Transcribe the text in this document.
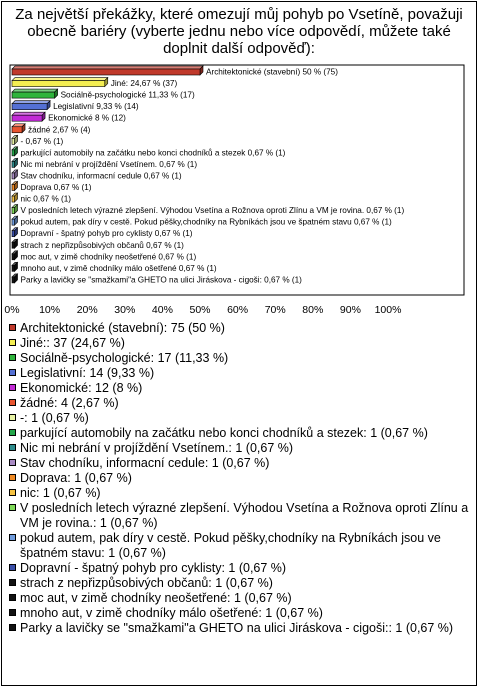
Za největší překážky, které omezují můj pohyb po Vsetíně, považuji obecně bariéry (vyberte jednu nebo více odpovědí, můžete také doplnit další odpověď):
Architektonické (stavební) 50 % (75)
Jiné: 24,67 % (37)
Sociálně-psychologické 11,33 % (17)
Legislativní 9,33 % (14)
Ekonomické 8 % (12)
žádné 2,67 % (4)
- 0,67 % (1)
parkující automobily na začátku nebo konci chodníků a stezek 0,67 % (1)
Nic mi nebrání v projíždění Vsetínem. 0,67 % (1)
Stav chodníku, informacní cedule 0,67 % (1)
Doprava 0,67 % (1)
nic 0,67 % (1)
V posledních letech výrazné zlepšení. Výhodou Vsetína a Rožnova oproti Zlínu a VM je rovina. 0,67 % (1)
pokud autem, pak díry v cestě. Pokud pěšky,chodníky na Rybníkách jsou ve špatném stavu 0,67 % (1)
Dopravní - špatný pohyb pro cyklisty 0,67 % (1)
strach z nepřizpůsobivých občanů 0,67 % (1)
moc aut, v zimě chodníky neošetřené 0,67 % (1)
mnoho aut, v zimě chodníky málo ošetřené 0,67 % (1)
Parky a lavičky se "smažkami"a GHETO na ulici Jiráskova - cigoši: 0,67 % (1)
0% 10% 20% 30% 40% 50% 60% 70% 80% 90% 100%
Architektonické (stavební): 75 (50 %)
Jiné:: 37 (24,67 %)
Sociálně-psychologické: 17 (11,33 %)
Legislativní: 14 (9,33 %)
Ekonomické: 12 (8 %)
žádné: 4 (2,67 %)
-: 1 (0,67 %)
parkující automobily na začátku nebo konci chodníků a stezek: 1 (0,67 %)
Nic mi nebrání v projíždění Vsetínem.: 1 (0,67 %)
Stav chodníku, informacní cedule: 1 (0,67 %)
Doprava: 1 (0,67 %)
nic: 1 (0,67 %)
V posledních letech výrazné zlepšení. Výhodou Vsetína a Rožnova oproti Zlínu a VM je rovina.: 1 (0,67 %)
pokud autem, pak díry v cestě. Pokud pěšky,chodníky na Rybníkách jsou ve špatném stavu: 1 (0,67 %)
Dopravní - špatný pohyb pro cyklisty: 1 (0,67 %)
strach z nepřizpůsobivých občanů: 1 (0,67 %)
moc aut, v zimě chodníky neošetřené: 1 (0,67 %)
mnoho aut, v zimě chodníky málo ošetřené: 1 (0,67 %)
Parky a lavičky se "smažkami"a GHETO na ulici Jiráskova - cigoši:: 1 (0,67 %)
